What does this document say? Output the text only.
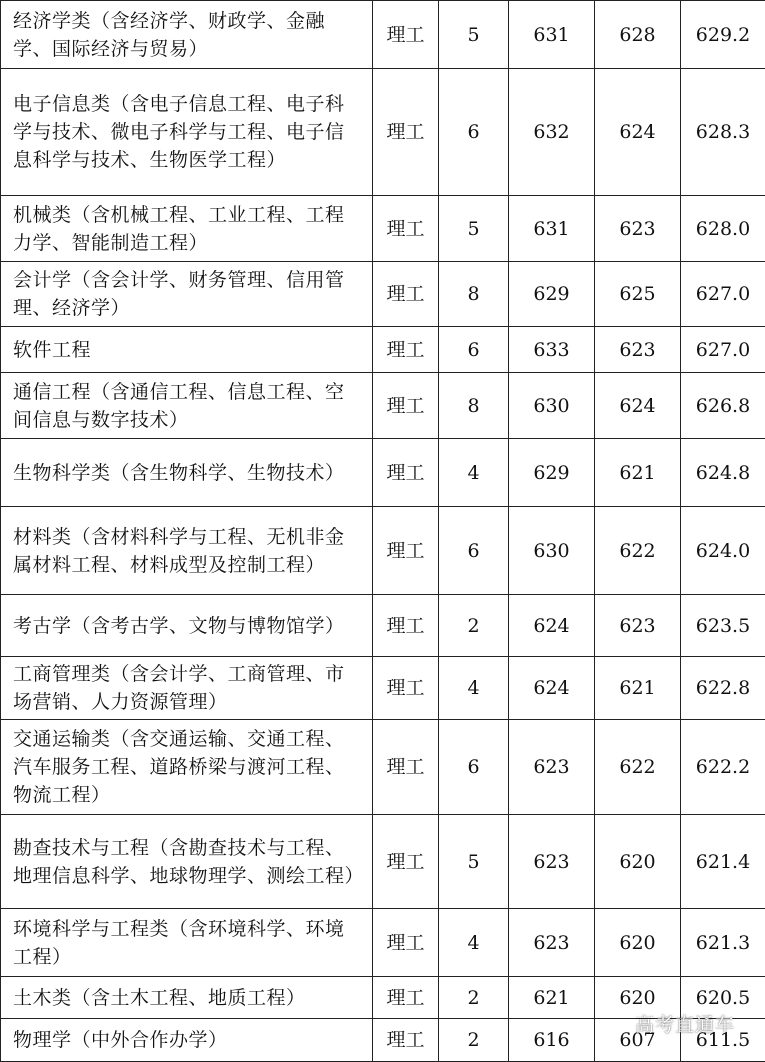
经济学类（含经济学、财政学、金融学、国际经济与贸易）	理工	5	631	628	629.2
电子信息类（含电子信息工程、电子科学与技术、微电子科学与工程、电子信息科学与技术、生物医学工程）	理工	6	632	624	628.3
机械类（含机械工程、工业工程、工程力学、智能制造工程）	理工	5	631	623	628.0
会计学（含会计学、财务管理、信用管理、经济学）	理工	8	629	625	627.0
软件工程	理工	6	633	623	627.0
通信工程（含通信工程、信息工程、空间信息与数字技术）	理工	8	630	624	626.8
生物科学类（含生物科学、生物技术）	理工	4	629	621	624.8
材料类（含材料科学与工程、无机非金属材料工程、材料成型及控制工程）	理工	6	630	622	624.0
考古学（含考古学、文物与博物馆学）	理工	2	624	623	623.5
工商管理类（含会计学、工商管理、市场营销、人力资源管理）	理工	4	624	621	622.8
交通运输类（含交通运输、交通工程、汽车服务工程、道路桥梁与渡河工程、物流工程）	理工	6	623	622	622.2
勘查技术与工程（含勘查技术与工程、地理信息科学、地球物理学、测绘工程）	理工	5	623	620	621.4
环境科学与工程类（含环境科学、环境工程）	理工	4	623	620	621.3
土木类（含土木工程、地质工程）	理工	2	621	620	620.5
物理学（中外合作办学）	理工	2	616	607	611.5
高考直通车
